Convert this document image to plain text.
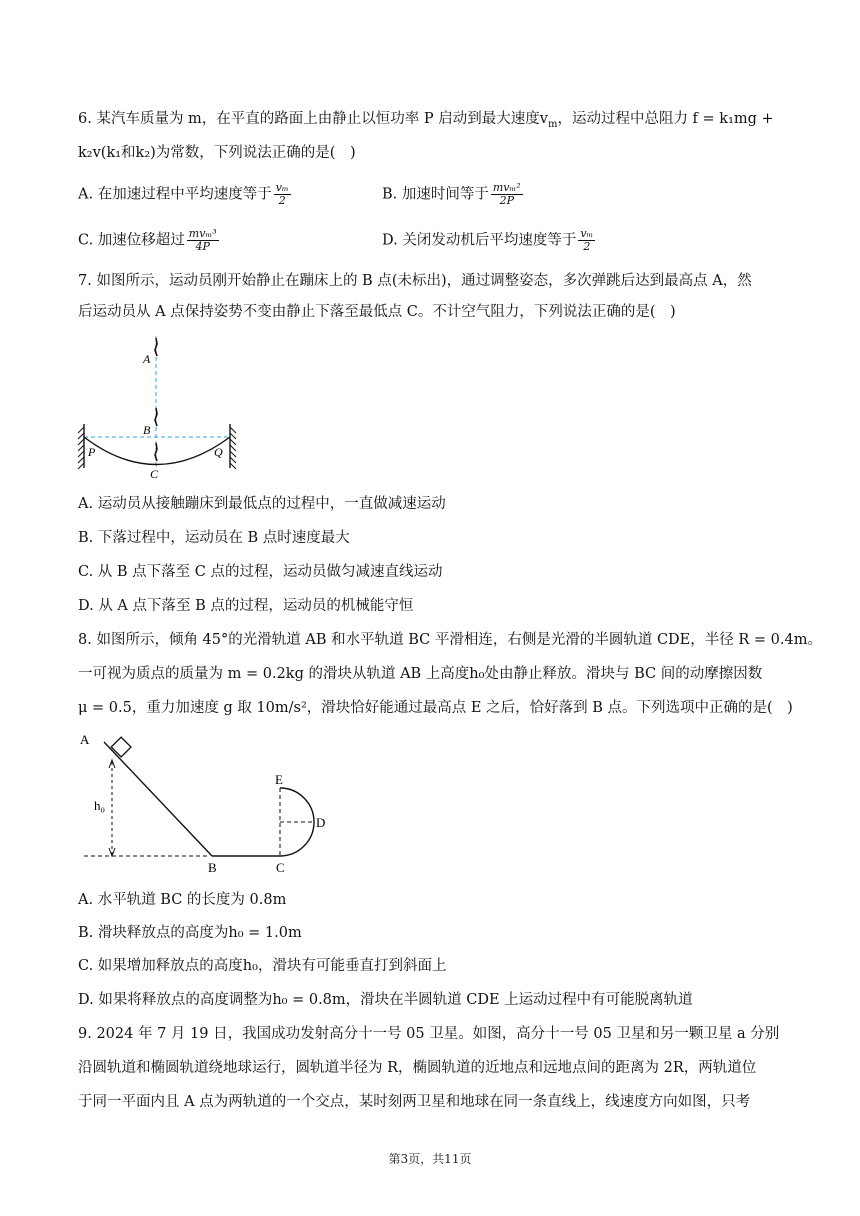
6. 某汽车质量为 m，在平直的路面上由静止以恒功率 P 启动到最大速度$v_m$，运动过程中总阻力 f = k₁mg +
k₂v(k₁和k₂)为常数，下列说法正确的是(　)
A. 在加速过程中平均速度等于 $\frac{\text{vₘ}}{2}$	B. 加速时间等于 $\frac{\text{mvₘ²}}{2P}$
C. 加速位移超过 $\frac{\text{mvₘ³}}{4P}$	D. 关闭发动机后平均速度等于 $\frac{\text{vₘ}}{2}$
7. 如图所示，运动员刚开始静止在蹦床上的 B 点(未标出)，通过调整姿态，多次弹跳后达到最高点 A，然
后运动员从 A 点保持姿势不变由静止下落至最低点 C。不计空气阻力，下列说法正确的是(　)
A
B
C
P	Q
A. 运动员从接触蹦床到最低点的过程中，一直做减速运动
B. 下落过程中，运动员在 B 点时速度最大
C. 从 B 点下落至 C 点的过程，运动员做匀减速直线运动
D. 从 A 点下落至 B 点的过程，运动员的机械能守恒
8. 如图所示，倾角 45°的光滑轨道 AB 和水平轨道 BC 平滑相连，右侧是光滑的半圆轨道 CDE，半径 R = 0.4m。
一可视为质点的质量为 m = 0.2kg 的滑块从轨道 AB 上高度h₀处由静止释放。滑块与 BC 间的动摩擦因数
μ = 0.5，重力加速度 g 取 10m/s²，滑块恰好能通过最高点 E 之后，恰好落到 B 点。下列选项中正确的是(　)
A
h₀
B	C
D
E
A. 水平轨道 BC 的长度为 0.8m
B. 滑块释放点的高度为h₀ = 1.0m
C. 如果增加释放点的高度h₀，滑块有可能垂直打到斜面上
D. 如果将释放点的高度调整为h₀ = 0.8m，滑块在半圆轨道 CDE 上运动过程中有可能脱离轨道
9. 2024 年 7 月 19 日，我国成功发射高分十一号 05 卫星。如图，高分十一号 05 卫星和另一颗卫星 a 分别
沿圆轨道和椭圆轨道绕地球运行，圆轨道半径为 R，椭圆轨道的近地点和远地点间的距离为 2R，两轨道位
于同一平面内且 A 点为两轨道的一个交点，某时刻两卫星和地球在同一条直线上，线速度方向如图，只考
第3页，共11页
